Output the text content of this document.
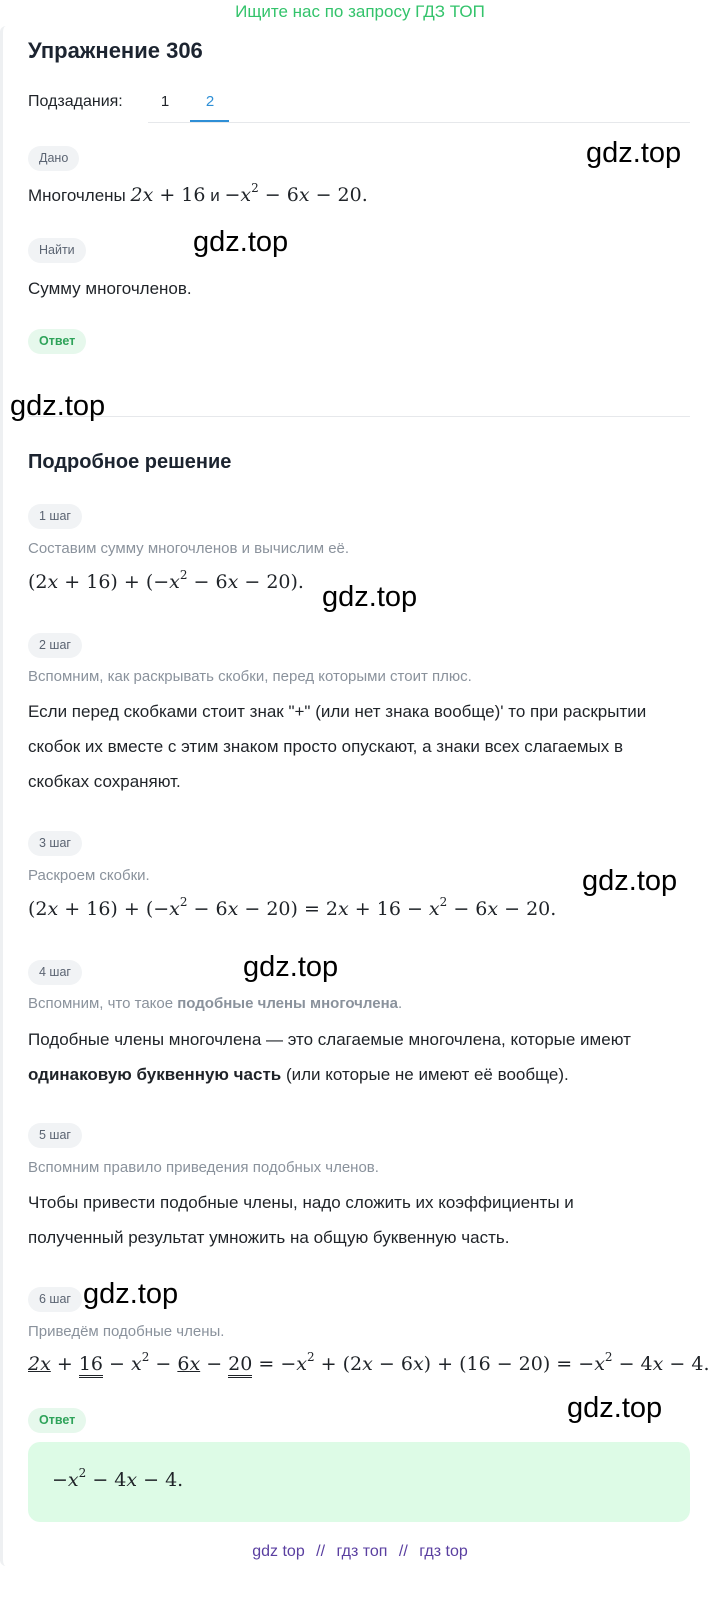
Ищите нас по запросу ГДЗ ТОП
Упражнение 306
Подзадания:	1	2
Дано
Многочлены 2x + 16 $и -x^2 - 6x - 20$.
Найти
Сумму многочленов.
Ответ
Подробное решение
1 шаг
Составим сумму многочленов и вычислим её.
$(2x + 16) + (-x^2 - 6x - 20)$.
2 шаг
Вспомним, как раскрывать скобки, перед которыми стоит плюс.
Если перед скобками стоит знак "+" (или нет знака вообще)' то при раскрытии скобок их вместе с этим знаком просто опускают, а знаки всех слагаемых в скобках сохраняют.
3 шаг
Раскроем скобки.
$(2x + 16) + (-x^2 - 6x - 20) = 2x + 16 - x^2 - 6x - 20$.
4 шаг
Вспомним, что такое подобные члены многочлена.
Подобные члены многочлена — это слагаемые многочлена, которые имеют
одинаковую буквенную часть (или которые не имеют её вообще).
5 шаг
Вспомним правило приведения подобных членов.
Чтобы привести подобные члены, надо сложить их коэффициенты и полученный результат умножить на общую буквенную часть.
6 шаг
Приведём подобные члены.
$2x + 16 - x^2 - 6x - 20 = -x^2 + (2x - 6x) + (16 - 20) = -x^2 - 4x - 4$.
Ответ
$-x^2 - 4x - 4$.
gdz.top
gdz.top
gdz.top
gdz.top
gdz.top
gdz.top
gdz.top
gdz.top
gdz top // гдз топ // гдз top
